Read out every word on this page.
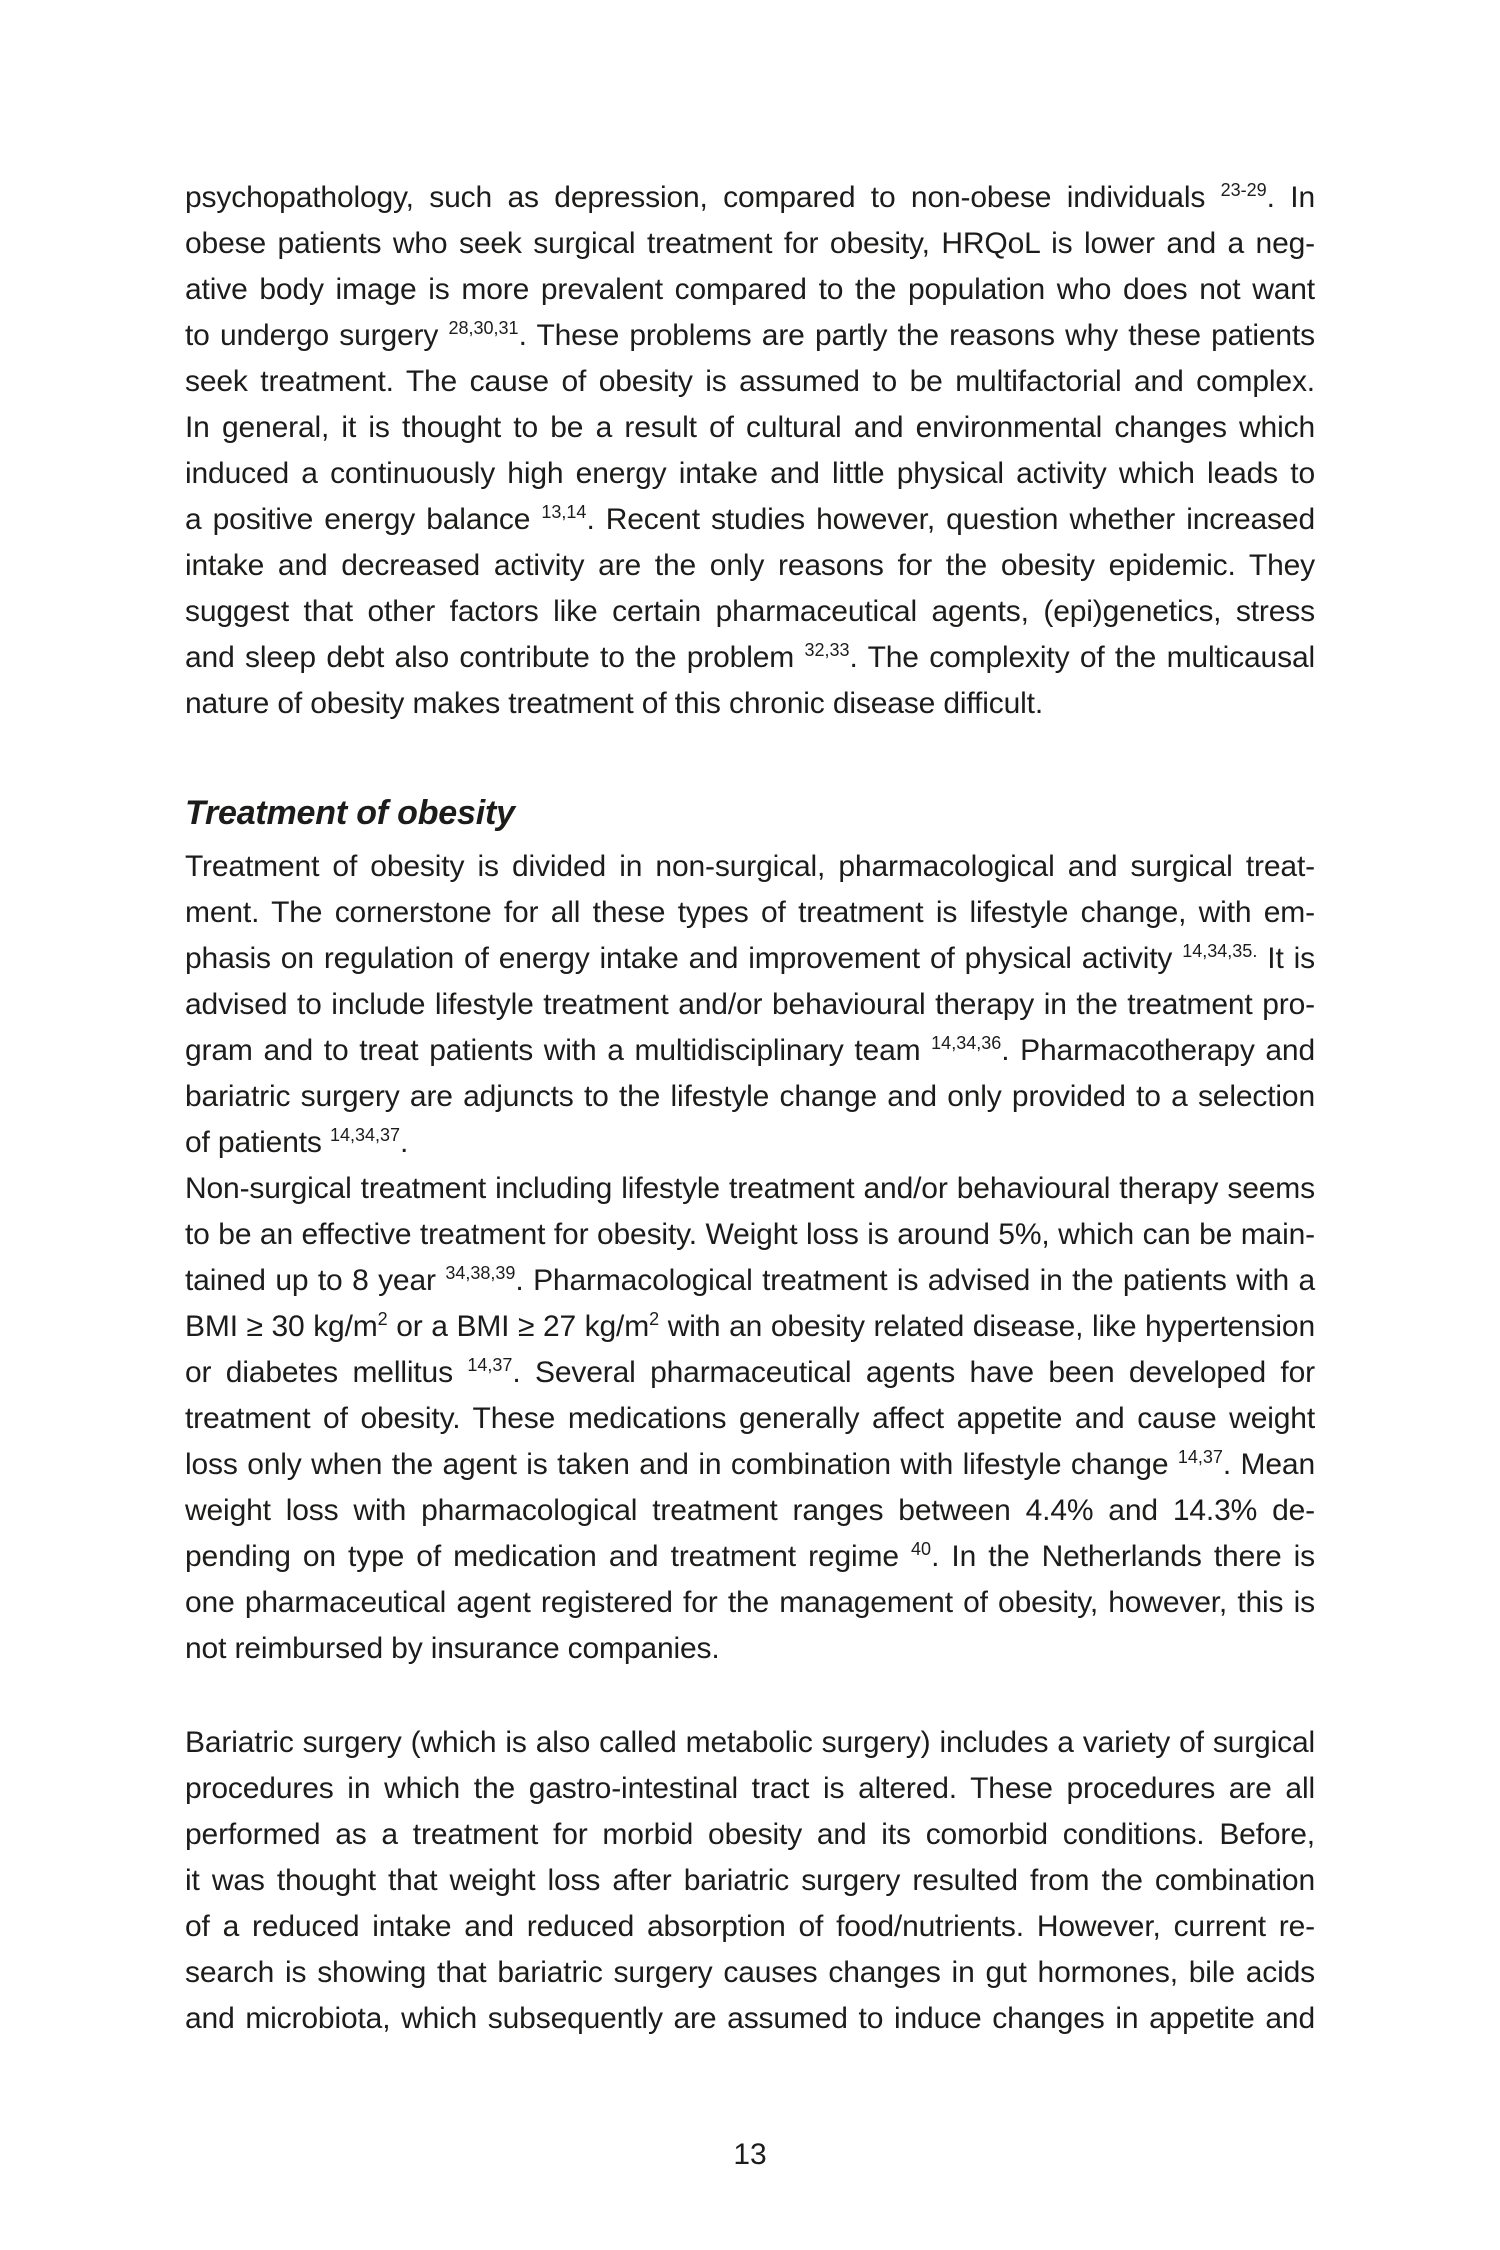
psychopathology, such as depression, compared to non-obese individuals $^{23-29}$. In
obese patients who seek surgical treatment for obesity, HRQoL is lower and a neg-
ative body image is more prevalent compared to the population who does not want
to undergo surgery $^{28,30,31}$. These problems are partly the reasons why these patients
seek treatment. The cause of obesity is assumed to be multifactorial and complex.
In general, it is thought to be a result of cultural and environmental changes which
induced a continuously high energy intake and little physical activity which leads to
a positive energy balance $^{13,14}$. Recent studies however, question whether increased
intake and decreased activity are the only reasons for the obesity epidemic. They
suggest that other factors like certain pharmaceutical agents, (epi)genetics, stress
and sleep debt also contribute to the problem $^{32,33}$. The complexity of the multicausal
nature of obesity makes treatment of this chronic disease difficult.
Treatment of obesity
Treatment of obesity is divided in non-surgical, pharmacological and surgical treat-
ment. The cornerstone for all these types of treatment is lifestyle change, with em-
phasis on regulation of energy intake and improvement of physical activity $^{14,34,35.}$ It is
advised to include lifestyle treatment and/or behavioural therapy in the treatment pro-
gram and to treat patients with a multidisciplinary team $^{14,34,36}$. Pharmacotherapy and
bariatric surgery are adjuncts to the lifestyle change and only provided to a selection
of patients $^{14,34,37}$.
Non-surgical treatment including lifestyle treatment and/or behavioural therapy seems
to be an effective treatment for obesity. Weight loss is around 5%, which can be main-
tained up to 8 year $^{34,38,39}$. Pharmacological treatment is advised in the patients with a
BMI ≥ 30 $kg/m^2$ or a BMI ≥ 27 $kg/m^2$ with an obesity related disease, like hypertension
or diabetes mellitus $^{14,37}$. Several pharmaceutical agents have been developed for
treatment of obesity. These medications generally affect appetite and cause weight
loss only when the agent is taken and in combination with lifestyle change $^{14,37}$. Mean
weight loss with pharmacological treatment ranges between 4.4% and 14.3% de-
pending on type of medication and treatment regime $^{40}$. In the Netherlands there is
one pharmaceutical agent registered for the management of obesity, however, this is
not reimbursed by insurance companies.
Bariatric surgery (which is also called metabolic surgery) includes a variety of surgical
procedures in which the gastro-intestinal tract is altered. These procedures are all
performed as a treatment for morbid obesity and its comorbid conditions. Before,
it was thought that weight loss after bariatric surgery resulted from the combination
of a reduced intake and reduced absorption of food/nutrients. However, current re-
search is showing that bariatric surgery causes changes in gut hormones, bile acids
and microbiota, which subsequently are assumed to induce changes in appetite and
13
